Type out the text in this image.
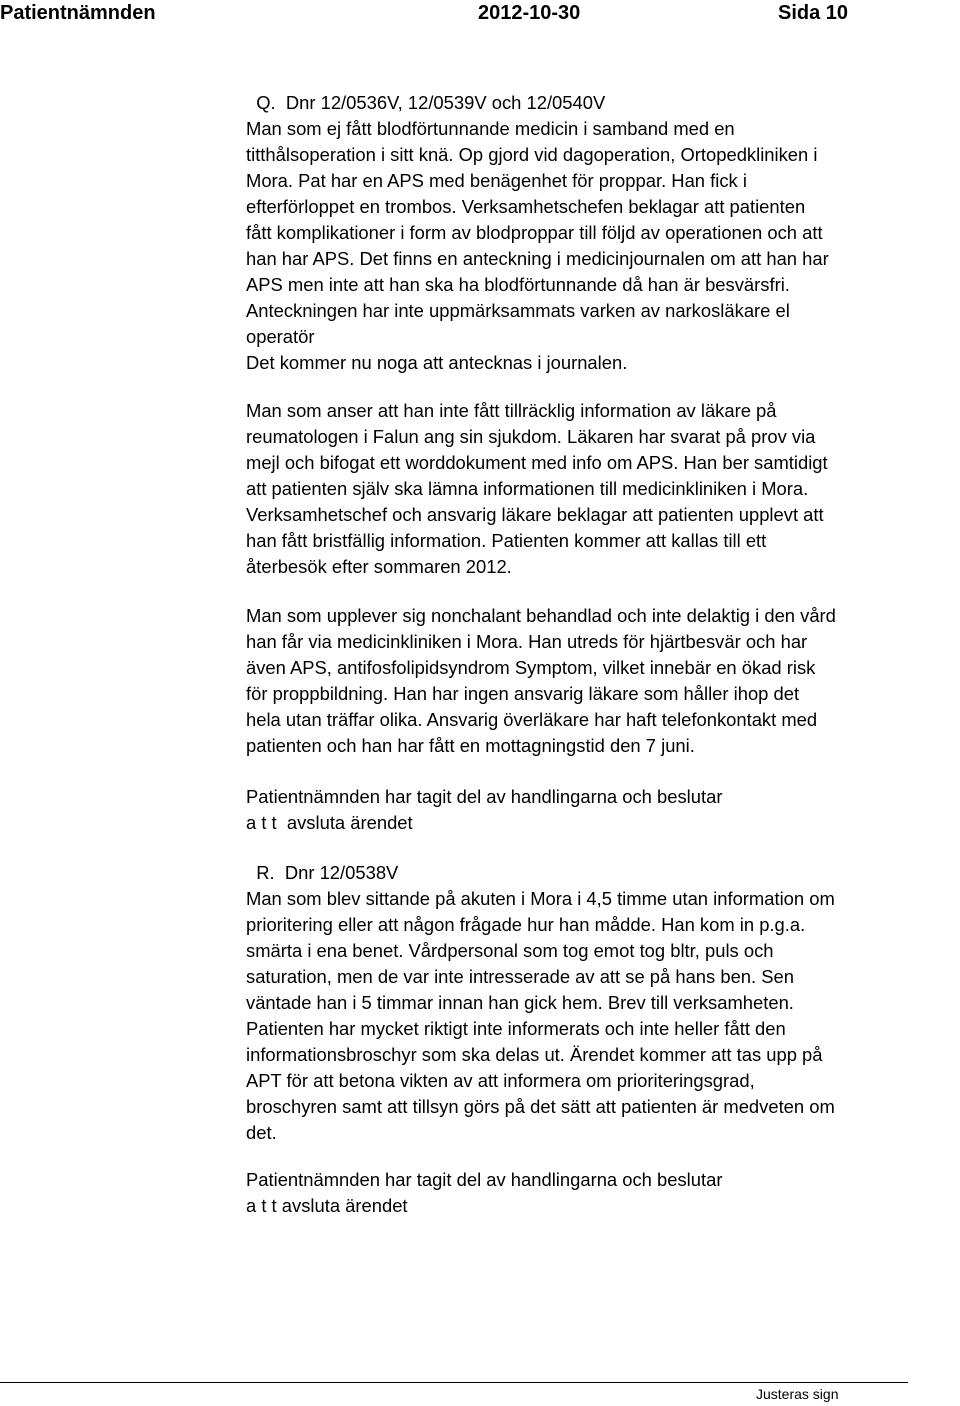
Patientnämnden	2012-10-30	Sida 10
Q.  Dnr 12/0536V, 12/0539V och 12/0540V
Man som ej fått blodförtunnande medicin i samband med en
titthålsoperation i sitt knä. Op gjord vid dagoperation, Ortopedkliniken i
Mora. Pat har en APS med benägenhet för proppar. Han fick i
efterförloppet en trombos. Verksamhetschefen beklagar att patienten
fått komplikationer i form av blodproppar till följd av operationen och att
han har APS. Det finns en anteckning i medicinjournalen om att han har
APS men inte att han ska ha blodförtunnande då han är besvärsfri.
Anteckningen har inte uppmärksammats varken av narkosläkare el
operatör
Det kommer nu noga att antecknas i journalen.
Man som anser att han inte fått tillräcklig information av läkare på
reumatologen i Falun ang sin sjukdom. Läkaren har svarat på prov via
mejl och bifogat ett worddokument med info om APS. Han ber samtidigt
att patienten själv ska lämna informationen till medicinkliniken i Mora.
Verksamhetschef och ansvarig läkare beklagar att patienten upplevt att
han fått bristfällig information. Patienten kommer att kallas till ett
återbesök efter sommaren 2012.
Man som upplever sig nonchalant behandlad och inte delaktig i den vård
han får via medicinkliniken i Mora. Han utreds för hjärtbesvär och har
även APS, antifosfolipidsyndrom Symptom, vilket innebär en ökad risk
för proppbildning. Han har ingen ansvarig läkare som håller ihop det
hela utan träffar olika. Ansvarig överläkare har haft telefonkontakt med
patienten och han har fått en mottagningstid den 7 juni.
Patientnämnden har tagit del av handlingarna och beslutar
a t t  avsluta ärendet
R.  Dnr 12/0538V
Man som blev sittande på akuten i Mora i 4,5 timme utan information om
prioritering eller att någon frågade hur han mådde. Han kom in p.g.a.
smärta i ena benet. Vårdpersonal som tog emot tog bltr, puls och
saturation, men de var inte intresserade av att se på hans ben. Sen
väntade han i 5 timmar innan han gick hem. Brev till verksamheten.
Patienten har mycket riktigt inte informerats och inte heller fått den
informationsbroschyr som ska delas ut. Ärendet kommer att tas upp på
APT för att betona vikten av att informera om prioriteringsgrad,
broschyren samt att tillsyn görs på det sätt att patienten är medveten om
det.
Patientnämnden har tagit del av handlingarna och beslutar
a t t avsluta ärendet
Justeras sign
